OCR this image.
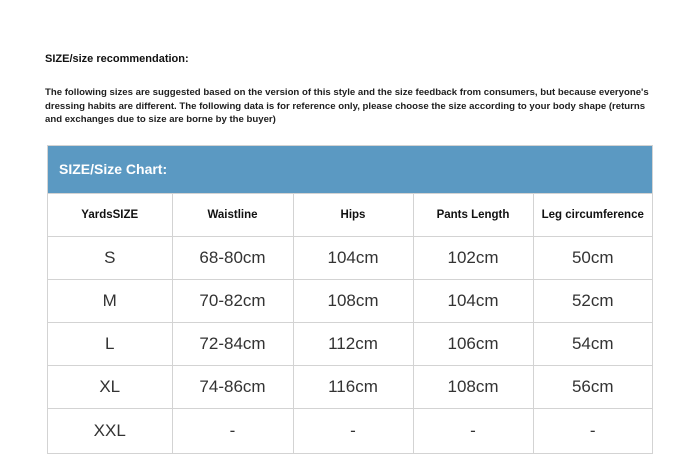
SIZE/size recommendation:
The following sizes are suggested based on the version of this style and the size feedback from consumers, but because everyone's dressing habits are different. The following data is for reference only, please choose the size according to your body shape (returns and exchanges due to size are borne by the buyer)
SIZE/Size Chart:
YardsSIZE	Waistline	Hips	Pants Length	Leg circumference
S	68-80cm	104cm	102cm	50cm
M	70-82cm	108cm	104cm	52cm
L	72-84cm	112cm	106cm	54cm
XL	74-86cm	116cm	108cm	56cm
XXL	-	-	-	-
